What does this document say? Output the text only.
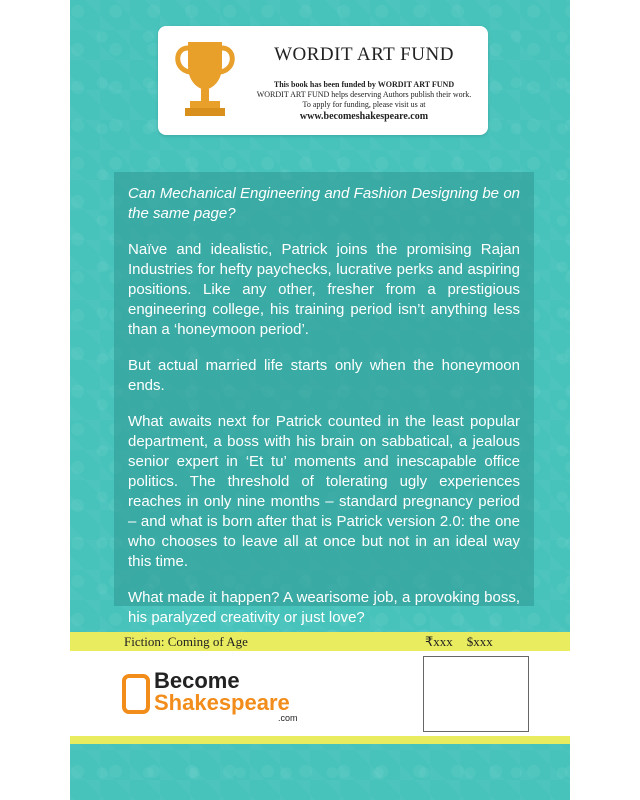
WORDIT ART FUND
This book has been funded by WORDIT ART FUND
WORDIT ART FUND helps deserving Authors publish their work.
To apply for funding, please visit us at
www.becomeshakespeare.com

Can Mechanical Engineering and Fashion Designing be on the same page?

Naïve and idealistic, Patrick joins the promising Rajan Industries for hefty paychecks, lucrative perks and aspiring positions. Like any other, fresher from a prestigious engineering college, his training period isn’t anything less than a ‘honeymoon period’.

But actual married life starts only when the honeymoon ends.

What awaits next for Patrick counted in the least popular department, a boss with his brain on sabbatical, a jealous senior expert in ‘Et tu’ moments and inescapable office politics. The threshold of tolerating ugly experiences reaches in only nine months – standard pregnancy period – and what is born after that is Patrick version 2.0: the one who chooses to leave all at once but not in an ideal way this time.

What made it happen? A wearisome job, a provoking boss, his paralyzed creativity or just love?

Fiction: Coming of Age	₹xxx $xxx
Become
Shakespeare
.com
